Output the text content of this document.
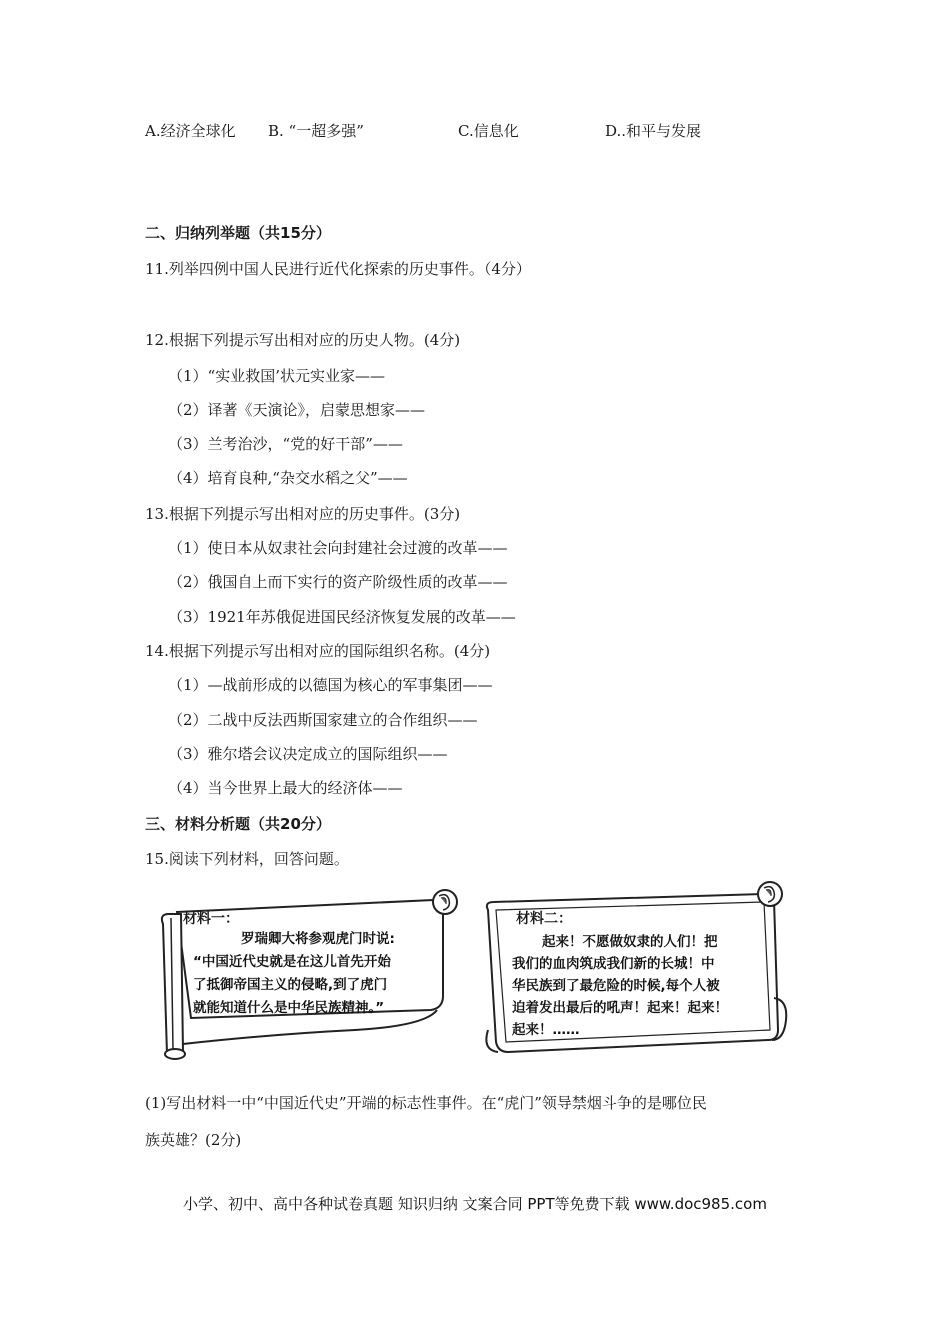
A.经济全球化 B. “一超多强”	C.信息化	D..和平与发展
二、归纳列举题（共15分）
11.列举四例中国人民进行近代化探索的历史事件。（4分）
12.根据下列提示写出相对应的历史人物。(4分)
（1）“实业救国’状元实业家——
（2）译著《天演论》，启蒙思想家——
（3）兰考治沙，“党的好干部”——
（4）培育良种,“杂交水稻之父”——
13.根据下列提示写出相对应的历史事件。(3分)
（1）使日本从奴隶社会向封建社会过渡的改革——
（2）俄国自上而下实行的资产阶级性质的改革——
（3）1921年苏俄促进国民经济恢复发展的改革——
14.根据下列提示写出相对应的国际组织名称。(4分)
（1）—战前形成的以德国为核心的军事集团——
（2）二战中反法西斯国家建立的合作组织——
（3）雅尔塔会议决定成立的国际组织——
（4）当今世界上最大的经济体——
三、材料分析题（共20分）
15.阅读下列材料，回答问题。
材料一：
罗瑞卿大将参观虎门时说:
“中国近代史就是在这儿首先开始
了抵御帝国主义的侵略,到了虎门
就能知道什么是中华民族精神。”
材料二：
起来！不愿做奴隶的人们！把
我们的血肉筑成我们新的长城！中
华民族到了最危险的时候,每个人被
迫着发出最后的吼声！起来！起来！
起来！……
(1)写出材料一中“中国近代史”开端的标志性事件。在“虎门”领导禁烟斗争的是哪位民
族英雄？(2分)
小学、初中、高中各种试卷真题 知识归纳 文案合同 PPT等免费下载 www.doc985.com
